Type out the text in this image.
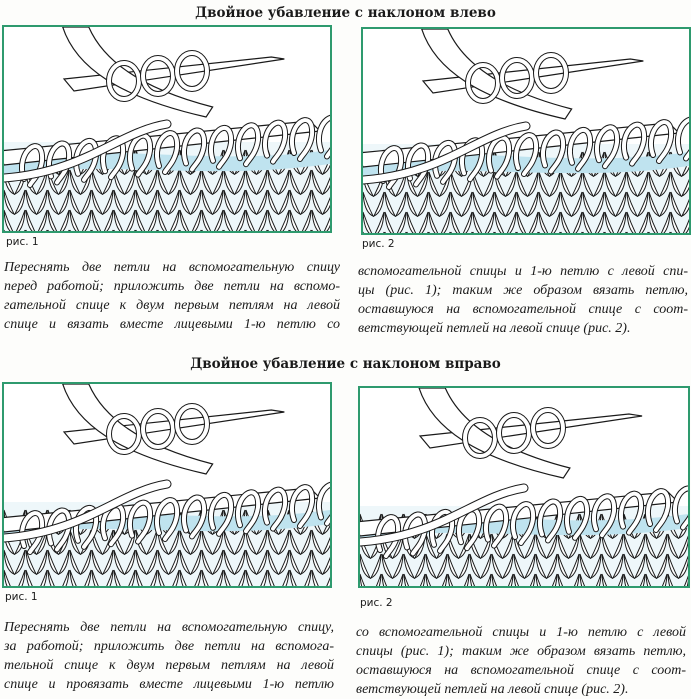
Двойное убавление с наклоном влево
рис. 1	рис. 2
Переснять две петли на вспомогательную спицу
перед работой; приложить две петли на вспомо-
гательной спице к двум первым петлям на левой
спице и вязать вместе лицевыми 1-ю петлю со
вспомогательной спицы и 1-ю петлю с левой спи-
цы (рис. 1); таким же образом вязать петлю,
оставшуюся на вспомогательной спице с соот-
ветствующей петлей на левой спице (рис. 2).
Двойное убавление с наклоном вправо
рис. 1	рис. 2
Переснять две петли на вспомогательную спицу,
за работой; приложить две петли на вспомога-
тельной спице к двум первым петлям на левой
спице и провязать вместе лицевыми 1-ю петлю
со вспомогательной спицы и 1-ю петлю с левой
спицы (рис. 1); таким же образом вязать петлю,
оставшуюся на вспомогательной спице с соот-
ветствующей петлей на левой спице (рис. 2).
